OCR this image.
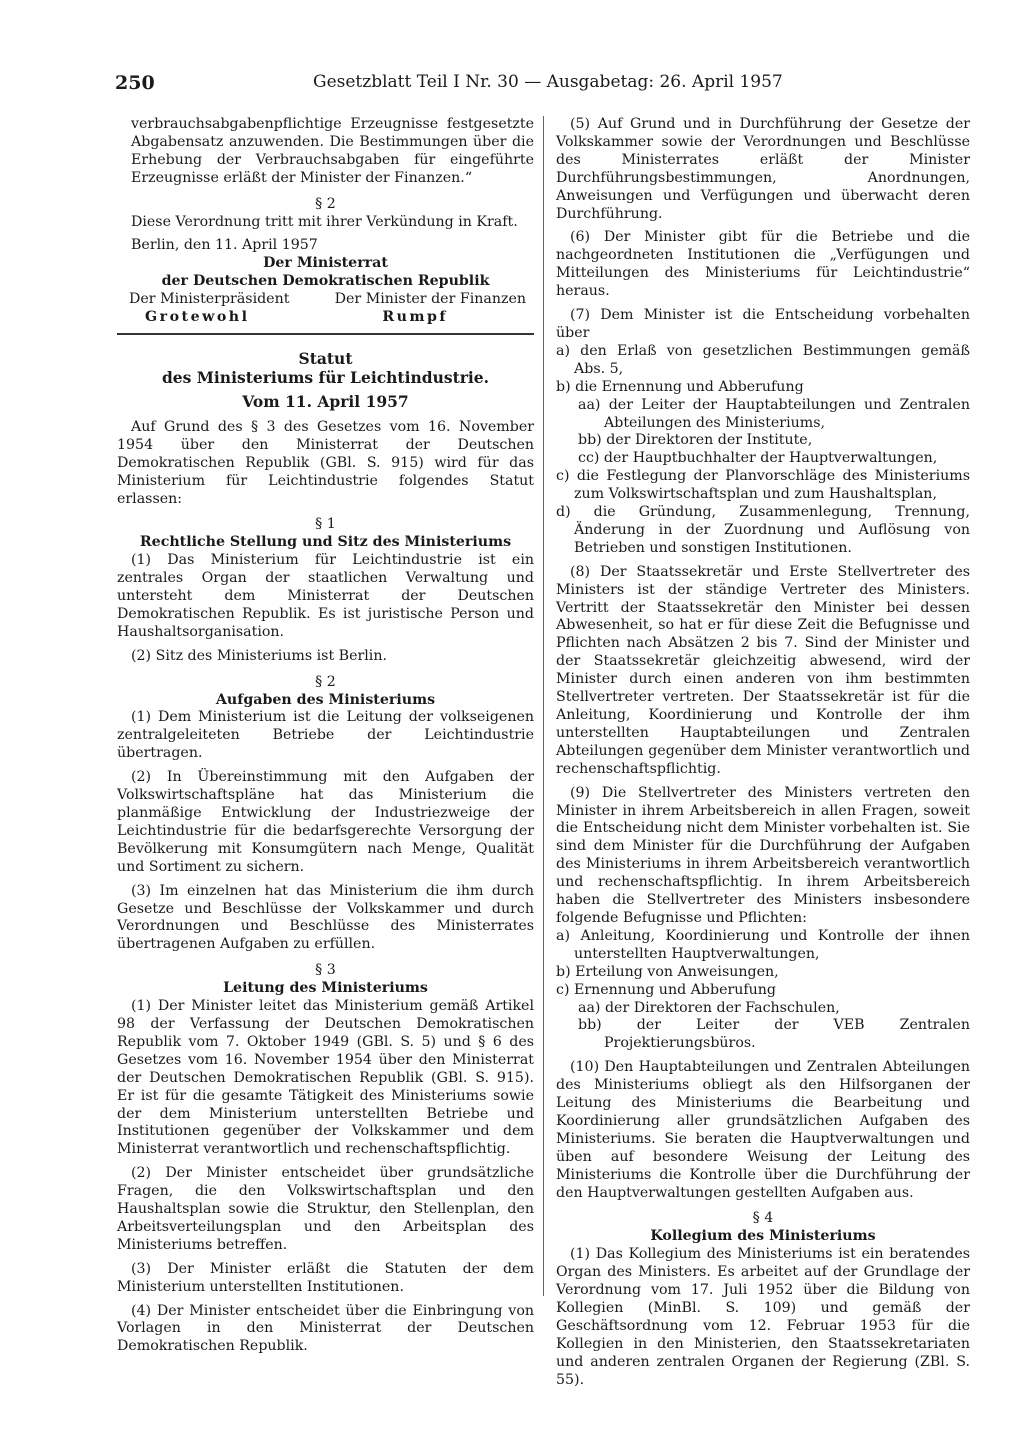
250	Gesetzblatt Teil I Nr. 30 — Ausgabetag: 26. April 1957

verbrauchsabgabenpflichtige Erzeugnisse festgesetzte Abgabensatz anzuwenden. Die Bestimmungen über die Erhebung der Verbrauchsabgaben für eingeführte Erzeugnisse erläßt der Minister der Finanzen.“

§ 2

Diese Verordnung tritt mit ihrer Verkündung in Kraft.

Berlin, den 11. April 1957

Der Ministerrat

der Deutschen Demokratischen Republik

Der Ministerpräsident	Der Minister der Finanzen
Grotewohl	Rumpf

Statut

des Ministeriums für Leichtindustrie.

Vom 11. April 1957

Auf Grund des § 3 des Gesetzes vom 16. November 1954 über den Ministerrat der Deutschen Demokratischen Republik (GBl. S. 915) wird für das Ministerium für Leichtindustrie folgendes Statut erlassen:

§ 1

Rechtliche Stellung und Sitz des Ministeriums

(1) Das Ministerium für Leichtindustrie ist ein zentrales Organ der staatlichen Verwaltung und untersteht dem Ministerrat der Deutschen Demokratischen Republik. Es ist juristische Person und Haushaltsorganisation.

(2) Sitz des Ministeriums ist Berlin.

§ 2

Aufgaben des Ministeriums

(1) Dem Ministerium ist die Leitung der volkseigenen zentralgeleiteten Betriebe der Leichtindustrie übertragen.

(2) In Übereinstimmung mit den Aufgaben der Volkswirtschaftspläne hat das Ministerium die planmäßige Entwicklung der Industriezweige der Leichtindustrie für die bedarfsgerechte Versorgung der Bevölkerung mit Konsumgütern nach Menge, Qualität und Sortiment zu sichern.

(3) Im einzelnen hat das Ministerium die ihm durch Gesetze und Beschlüsse der Volkskammer und durch Verordnungen und Beschlüsse des Ministerrates übertragenen Aufgaben zu erfüllen.

§ 3

Leitung des Ministeriums

(1) Der Minister leitet das Ministerium gemäß Artikel 98 der Verfassung der Deutschen Demokratischen Republik vom 7. Oktober 1949 (GBl. S. 5) und § 6 des Gesetzes vom 16. November 1954 über den Ministerrat der Deutschen Demokratischen Republik (GBl. S. 915). Er ist für die gesamte Tätigkeit des Ministeriums sowie der dem Ministerium unterstellten Betriebe und Institutionen gegenüber der Volkskammer und dem Ministerrat verantwortlich und rechenschaftspflichtig.

(2) Der Minister entscheidet über grundsätzliche Fragen, die den Volkswirtschaftsplan und den Haushaltsplan sowie die Struktur, den Stellenplan, den Arbeitsverteilungsplan und den Arbeitsplan des Ministeriums betreffen.

(3) Der Minister erläßt die Statuten der dem Ministerium unterstellten Institutionen.

(4) Der Minister entscheidet über die Einbringung von Vorlagen in den Ministerrat der Deutschen Demokratischen Republik.

(5) Auf Grund und in Durchführung der Gesetze der Volkskammer sowie der Verordnungen und Beschlüsse des Ministerrates erläßt der Minister Durchführungsbestimmungen, Anordnungen, Anweisungen und Verfügungen und überwacht deren Durchführung.

(6) Der Minister gibt für die Betriebe und die nachgeordneten Institutionen die „Verfügungen und Mitteilungen des Ministeriums für Leichtindustrie“ heraus.

(7) Dem Minister ist die Entscheidung vorbehalten über

a) den Erlaß von gesetzlichen Bestimmungen gemäß Abs. 5,

b) die Ernennung und Abberufung

aa) der Leiter der Hauptabteilungen und Zentralen Abteilungen des Ministeriums,

bb) der Direktoren der Institute,

cc) der Hauptbuchhalter der Hauptverwaltungen,

c) die Festlegung der Planvorschläge des Ministeriums zum Volkswirtschaftsplan und zum Haushaltsplan,

d) die Gründung, Zusammenlegung, Trennung, Änderung in der Zuordnung und Auflösung von Betrieben und sonstigen Institutionen.

(8) Der Staatssekretär und Erste Stellvertreter des Ministers ist der ständige Vertreter des Ministers. Vertritt der Staatssekretär den Minister bei dessen Abwesenheit, so hat er für diese Zeit die Befugnisse und Pflichten nach Absätzen 2 bis 7. Sind der Minister und der Staatssekretär gleichzeitig abwesend, wird der Minister durch einen anderen von ihm bestimmten Stellvertreter vertreten. Der Staatssekretär ist für die Anleitung, Koordinierung und Kontrolle der ihm unterstellten Hauptabteilungen und Zentralen Abteilungen gegenüber dem Minister verantwortlich und rechenschaftspflichtig.

(9) Die Stellvertreter des Ministers vertreten den Minister in ihrem Arbeitsbereich in allen Fragen, soweit die Entscheidung nicht dem Minister vorbehalten ist. Sie sind dem Minister für die Durchführung der Aufgaben des Ministeriums in ihrem Arbeitsbereich verantwortlich und rechenschaftspflichtig. In ihrem Arbeitsbereich haben die Stellvertreter des Ministers insbesondere folgende Befugnisse und Pflichten:

a) Anleitung, Koordinierung und Kontrolle der ihnen unterstellten Hauptverwaltungen,

b) Erteilung von Anweisungen,

c) Ernennung und Abberufung

aa) der Direktoren der Fachschulen,

bb) der Leiter der VEB Zentralen Projektierungsbüros.

(10) Den Hauptabteilungen und Zentralen Abteilungen des Ministeriums obliegt als den Hilfsorganen der Leitung des Ministeriums die Bearbeitung und Koordinierung aller grundsätzlichen Aufgaben des Ministeriums. Sie beraten die Hauptverwaltungen und üben auf besondere Weisung der Leitung des Ministeriums die Kontrolle über die Durchführung der den Hauptverwaltungen gestellten Aufgaben aus.

§ 4

Kollegium des Ministeriums

(1) Das Kollegium des Ministeriums ist ein beratendes Organ des Ministers. Es arbeitet auf der Grundlage der Verordnung vom 17. Juli 1952 über die Bildung von Kollegien (MinBl. S. 109) und gemäß der Geschäftsordnung vom 12. Februar 1953 für die Kollegien in den Ministerien, den Staatssekretariaten und anderen zentralen Organen der Regierung (ZBl. S. 55).
